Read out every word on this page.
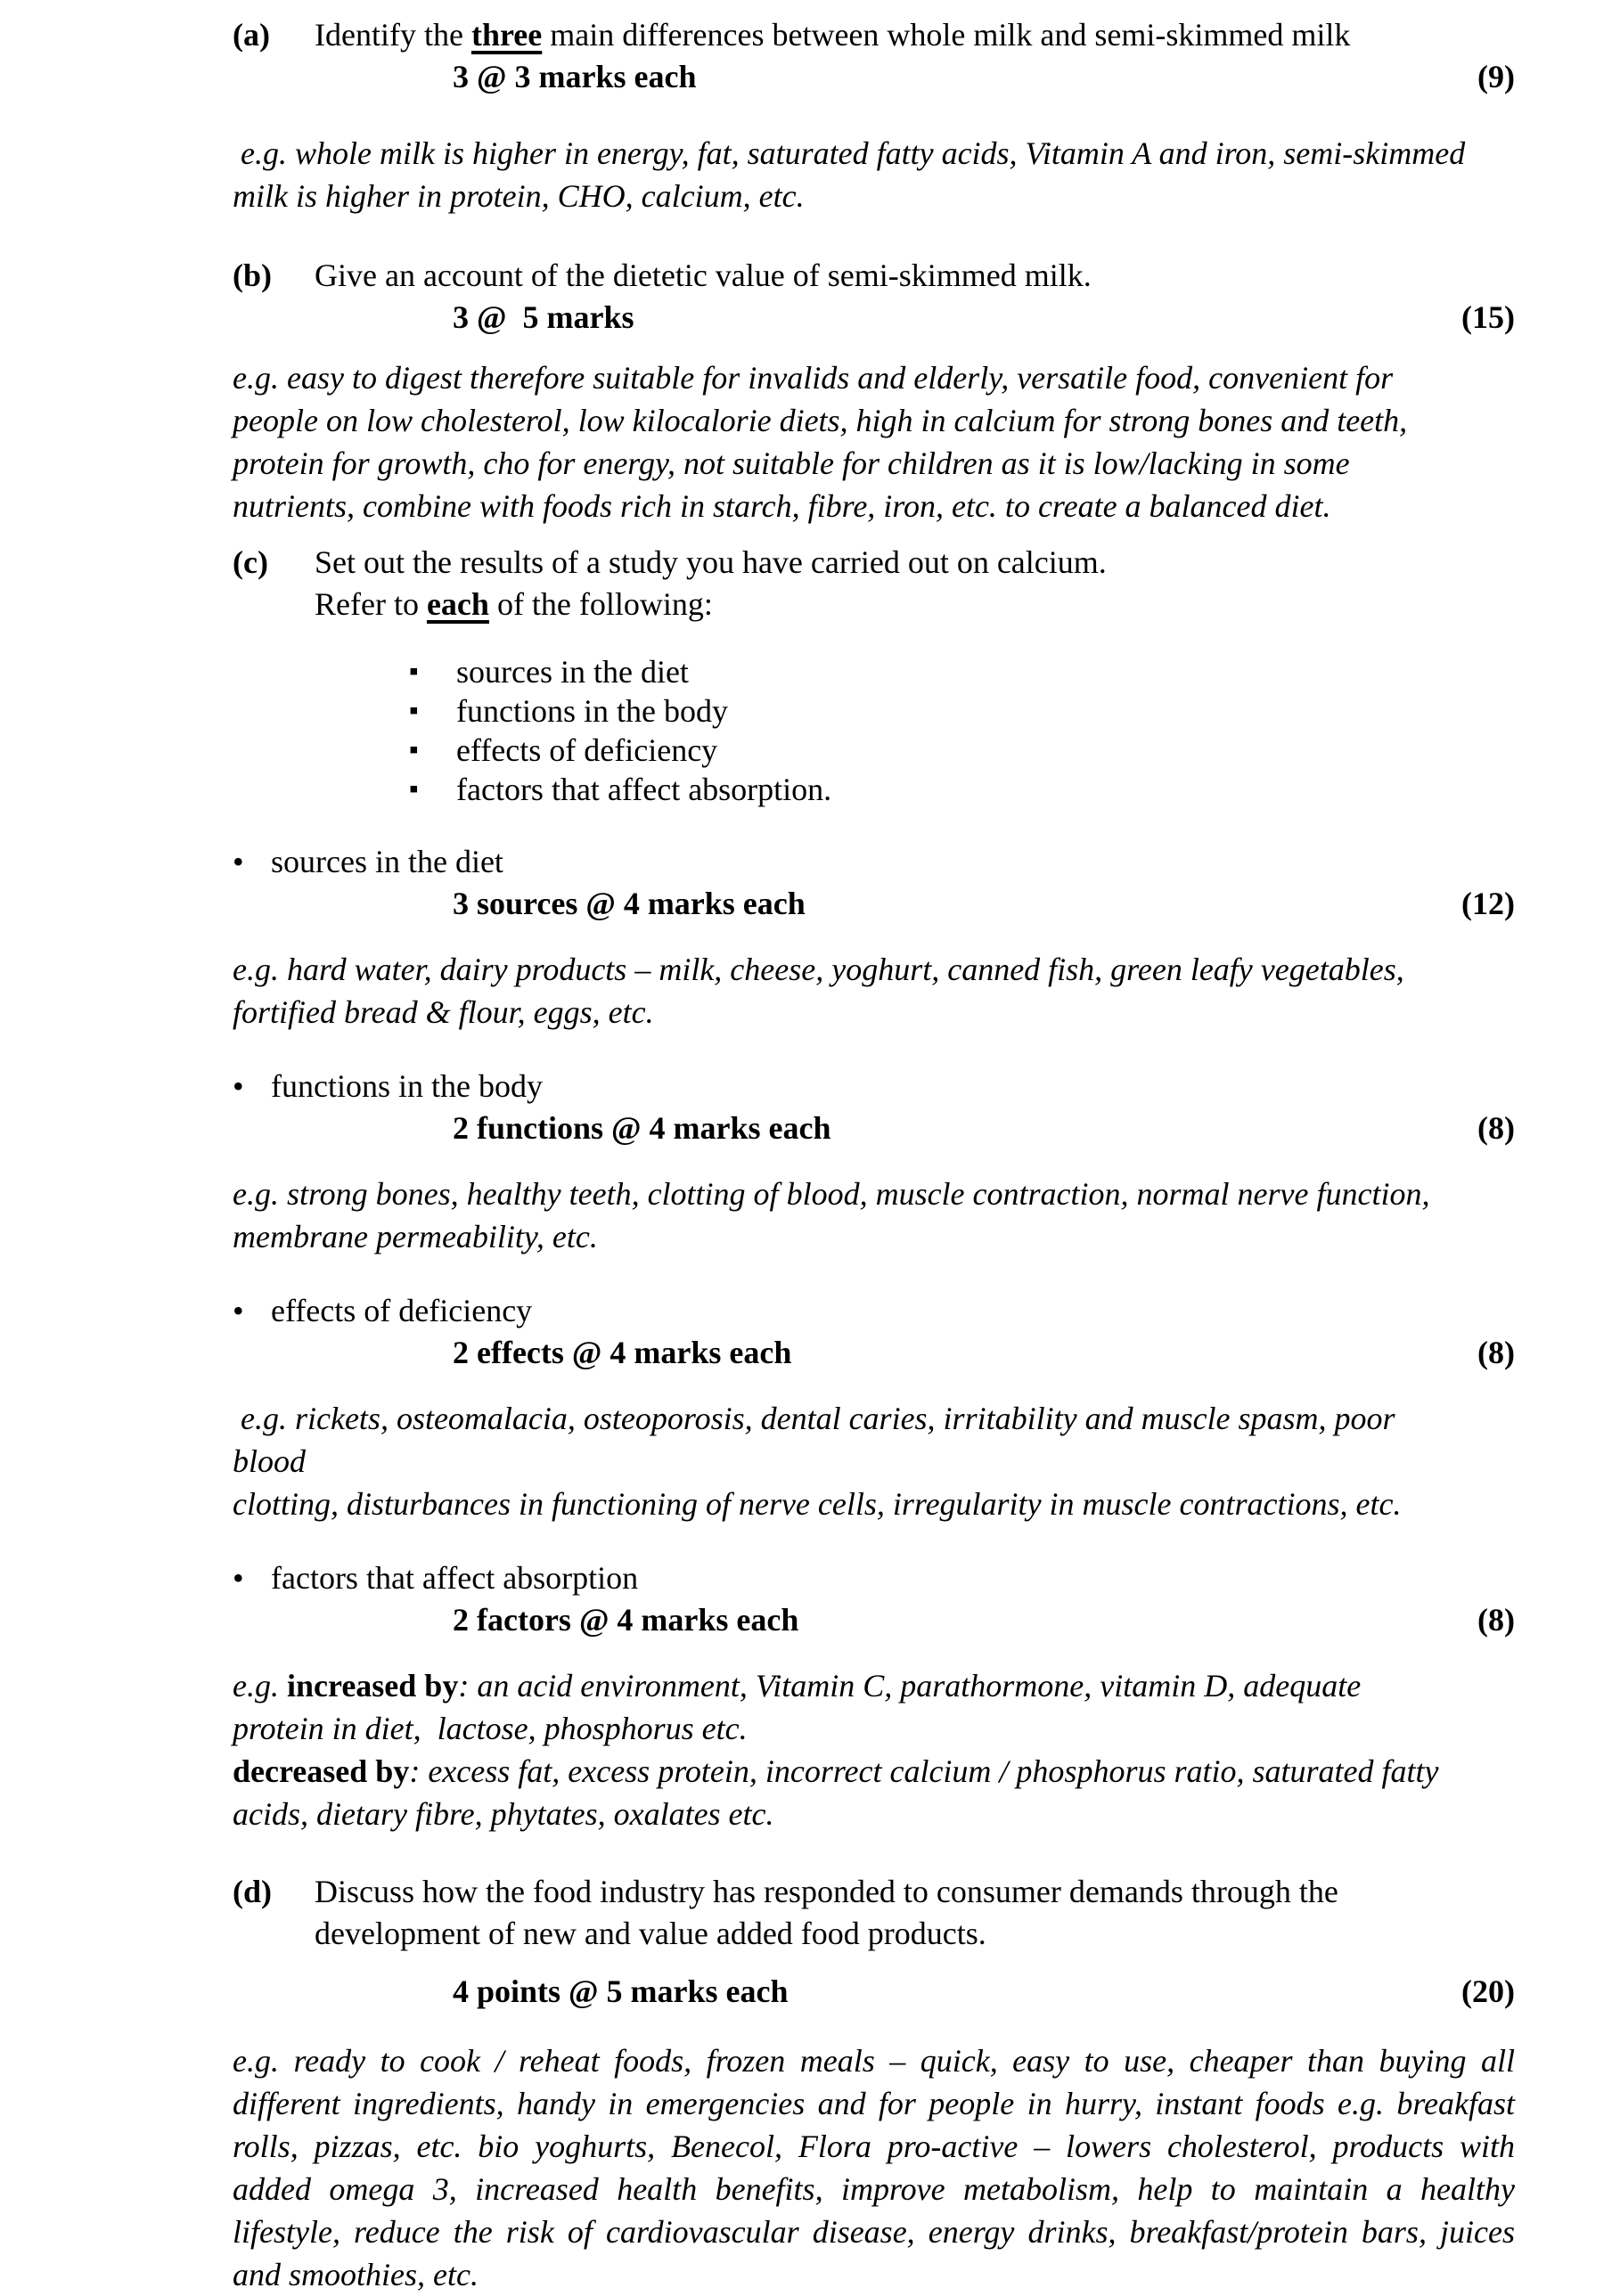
(a)	Identify the three main differences between whole milk and semi-skimmed milk
3 @ 3 marks each	(9)
e.g. whole milk is higher in energy, fat, saturated fatty acids, Vitamin A and iron, semi-skimmed
milk is higher in protein, CHO, calcium, etc.
(b)	Give an account of the dietetic value of semi-skimmed milk.
3 @  5 marks	(15)
e.g. easy to digest therefore suitable for invalids and elderly, versatile food, convenient for
people on low cholesterol, low kilocalorie diets, high in calcium for strong bones and teeth,
protein for growth, cho for energy, not suitable for children as it is low/lacking in some
nutrients, combine with foods rich in starch, fibre, iron, etc. to create a balanced diet.
(c)	Set out the results of a study you have carried out on calcium.
Refer to each of the following:
▪	sources in the diet
▪	functions in the body
▪	effects of deficiency
▪	factors that affect absorption.
• sources in the diet
3 sources @ 4 marks each	(12)
e.g. hard water, dairy products – milk, cheese, yoghurt, canned fish, green leafy vegetables,
fortified bread & flour, eggs, etc.
• functions in the body
2 functions @ 4 marks each	(8)
e.g. strong bones, healthy teeth, clotting of blood, muscle contraction, normal nerve function,
membrane permeability, etc.
• effects of deficiency
2 effects @ 4 marks each	(8)
e.g. rickets, osteomalacia, osteoporosis, dental caries, irritability and muscle spasm, poor
blood
clotting, disturbances in functioning of nerve cells, irregularity in muscle contractions, etc.
• factors that affect absorption
2 factors @ 4 marks each	(8)
e.g. increased by: an acid environment, Vitamin C, parathormone, vitamin D, adequate
protein in diet,  lactose, phosphorus etc.
decreased by: excess fat, excess protein, incorrect calcium / phosphorus ratio, saturated fatty
acids, dietary fibre, phytates, oxalates etc.
(d)	Discuss how the food industry has responded to consumer demands through the
development of new and value added food products.
4 points @ 5 marks each	(20)
e.g. ready to cook / reheat foods, frozen meals – quick, easy to use, cheaper than buying all
different ingredients, handy in emergencies and for people in hurry, instant foods e.g. breakfast
rolls, pizzas, etc. bio yoghurts, Benecol, Flora pro-active – lowers cholesterol, products with
added omega 3, increased health benefits, improve metabolism, help to maintain a healthy
lifestyle, reduce the risk of cardiovascular disease, energy drinks, breakfast/protein bars, juices
and smoothies, etc.
